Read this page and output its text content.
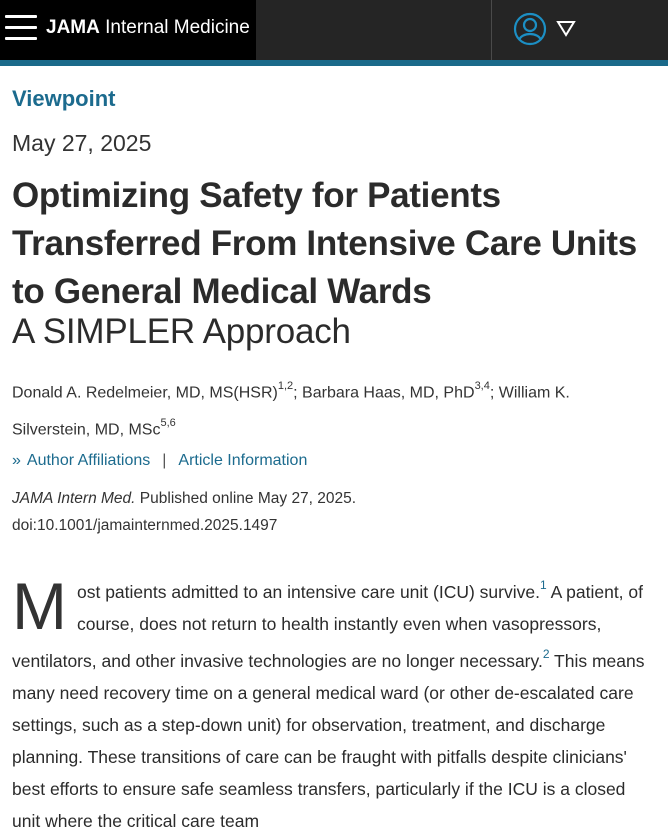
JAMA Internal Medicine
Viewpoint
May 27, 2025
Optimizing Safety for Patients Transferred From Intensive Care Units to General Medical Wards
A SIMPLER Approach
Donald A. Redelmeier, MD, MS(HSR)$^{1,2}$; Barbara Haas, MD, PhD$^{3,4}$; William K. Silverstein, MD, MSc$^{5,6}$
» Author Affiliations | Article Information
JAMA Intern Med. Published online May 27, 2025.
doi:10.1001/jamainternmed.2025.1497
Most patients admitted to an intensive care unit (ICU) survive.$^1$ A patient, of course, does not return to health instantly even when vasopressors, ventilators, and other invasive technologies are no longer necessary.$^2$ This means many need recovery time on a general medical ward (or other de-escalated care settings, such as a step-down unit) for observation, treatment, and discharge planning. These transitions of care can be fraught with pitfalls despite clinicians' best efforts to ensure safe seamless transfers, particularly if the ICU is a closed unit where the critical care team
